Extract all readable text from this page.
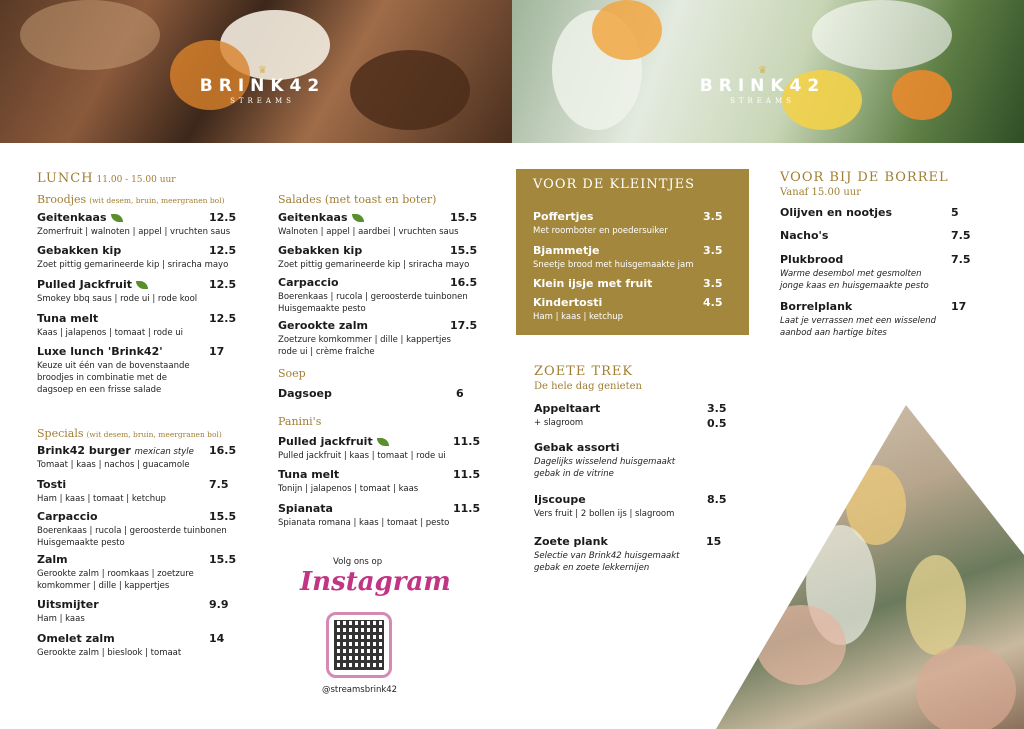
♛
BRINK42
STREAMS
♛
BRINK42
STREAMS
LUNCH 11.00 - 15.00 uur
Broodjes (wit desem, bruin, meergranen bol)
Geitenkaas	12.5
Zomerfruit | walnoten | appel | vruchten saus
Gebakken kip	12.5
Zoet pittig gemarineerde kip | sriracha mayo
Pulled Jackfruit	12.5
Smokey bbq saus | rode ui | rode kool
Tuna melt	12.5
Kaas | jalapenos | tomaat | rode ui
Luxe lunch 'Brink42'	17
Keuze uit één van de bovenstaande broodjes in combinatie met de dagsoep en een frisse salade
Specials (wit desem, bruin, meergranen bol)
Brink42 burger mexican style 16.5
Tomaat | kaas | nachos | guacamole
Tosti	7.5
Ham | kaas | tomaat | ketchup
Carpaccio	15.5
Boerenkaas | rucola | geroosterde tuinbonen Huisgemaakte pesto
Zalm	15.5
Gerookte zalm | roomkaas | zoetzure komkommer | dille | kappertjes
Uitsmijter	9.9
Ham | kaas
Omelet zalm	14
Gerookte zalm | bieslook | tomaat
Salades (met toast en boter)
Geitenkaas	15.5
Walnoten | appel | aardbei | vruchten saus
Gebakken kip	15.5
Zoet pittig gemarineerde kip | sriracha mayo
Carpaccio	16.5
Boerenkaas | rucola | geroosterde tuinbonen Huisgemaakte pesto
Gerookte zalm	17.5
Zoetzure komkommer | dille | kappertjes rode ui | crème fraîche
Soep
Dagsoep	6
Panini's
Pulled jackfruit	11.5
Pulled jackfruit | kaas | tomaat | rode ui
Tuna melt	11.5
Tonijn | jalapenos | tomaat | kaas
Spianata	11.5
Spianata romana | kaas | tomaat | pesto
Volg ons op
Instagram
@streamsbrink42
VOOR DE KLEINTJES
Poffertjes	3.5
Met roomboter en poedersuiker
Bjammetje	3.5
Sneetje brood met huisgemaakte jam
Klein ijsje met fruit	3.5
Kindertosti	4.5
Ham | kaas | ketchup
ZOETE TREK
De hele dag genieten
Appeltaart	3.5
+ slagroom	0.5
Gebak assorti
Dagelijks wisselend huisgemaakt gebak in de vitrine
Ijscoupe	8.5
Vers fruit | 2 bollen ijs | slagroom
Zoete plank	15
Selectie van Brink42 huisgemaakt gebak en zoete lekkernijen
VOOR BIJ DE BORREL
Vanaf 15.00 uur
Olijven en nootjes	5
Nacho's	7.5
Plukbrood	7.5
Warme desembol met gesmolten jonge kaas en huisgemaakte pesto
Borrelplank	17
Laat je verrassen met een wisselend aanbod aan hartige bites
